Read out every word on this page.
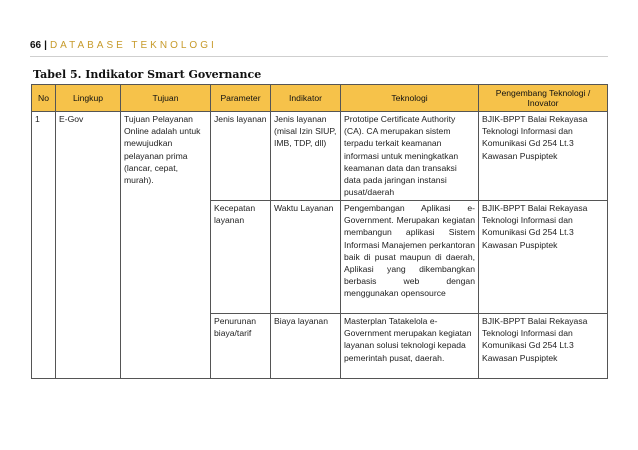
66 | DATABASE TEKNOLOGI
Tabel 5. Indikator Smart Governance
No	Lingkup	Tujuan	Parameter	Indikator	Teknologi	Pengembang Teknologi / Inovator
1	E-Gov	Tujuan Pelayanan Online adalah untuk mewujudkan pelayanan prima (lancar, cepat, murah).	Jenis layanan	Jenis layanan (misal Izin SIUP, IMB, TDP, dll)	Prototipe Certificate Authority (CA). CA merupakan sistem terpadu terkait keamanan informasi untuk meningkatkan keamanan data dan transaksi data pada jaringan instansi pusat/daerah	BJIK-BPPT Balai Rekayasa Teknologi Informasi dan Komunikasi Gd 254 Lt.3 Kawasan Puspiptek
			Kecepatan layanan	Waktu Layanan	Pengembangan Aplikasi e-Government. Merupakan kegiatan membangun aplikasi Sistem Informasi Manajemen perkantoran baik di pusat maupun di daerah, Aplikasi yang dikembangkan berbasis web dengan menggunakan opensource	BJIK-BPPT Balai Rekayasa Teknologi Informasi dan Komunikasi Gd 254 Lt.3 Kawasan Puspiptek
			Penurunan biaya/tarif	Biaya layanan	Masterplan Tatakelola e-Government merupakan kegiatan layanan solusi teknologi kepada pemerintah pusat, daerah.	BJIK-BPPT Balai Rekayasa Teknologi Informasi dan Komunikasi Gd 254 Lt.3 Kawasan Puspiptek
